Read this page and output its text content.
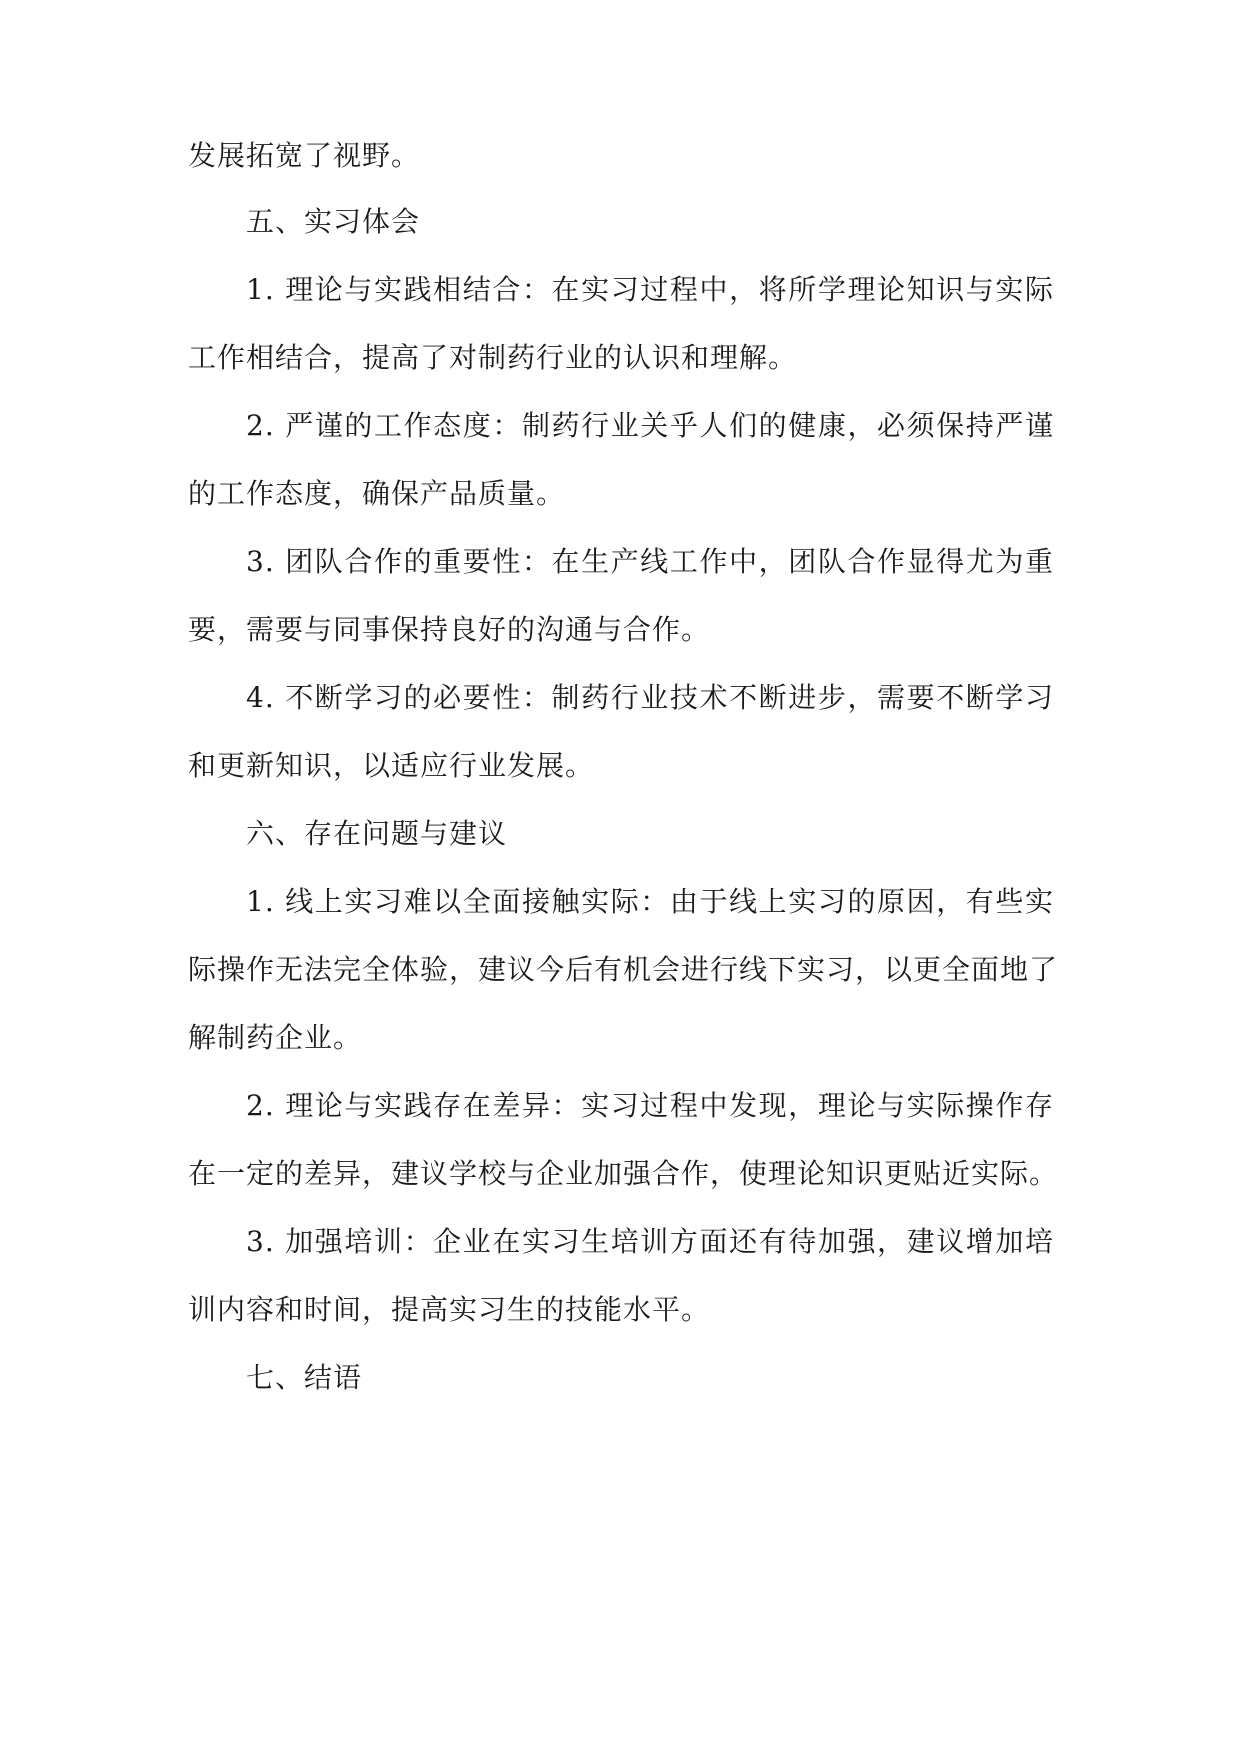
发展拓宽了视野。
五、实习体会
1. 理论与实践相结合：在实习过程中，将所学理论知识与实际
工作相结合，提高了对制药行业的认识和理解。
2. 严谨的工作态度：制药行业关乎人们的健康，必须保持严谨
的工作态度，确保产品质量。
3. 团队合作的重要性：在生产线工作中，团队合作显得尤为重
要，需要与同事保持良好的沟通与合作。
4. 不断学习的必要性：制药行业技术不断进步，需要不断学习
和更新知识，以适应行业发展。
六、存在问题与建议
1. 线上实习难以全面接触实际：由于线上实习的原因，有些实
际操作无法完全体验，建议今后有机会进行线下实习，以更全面地了
解制药企业。
2. 理论与实践存在差异：实习过程中发现，理论与实际操作存
在一定的差异，建议学校与企业加强合作，使理论知识更贴近实际。
3. 加强培训：企业在实习生培训方面还有待加强，建议增加培
训内容和时间，提高实习生的技能水平。
七、结语
